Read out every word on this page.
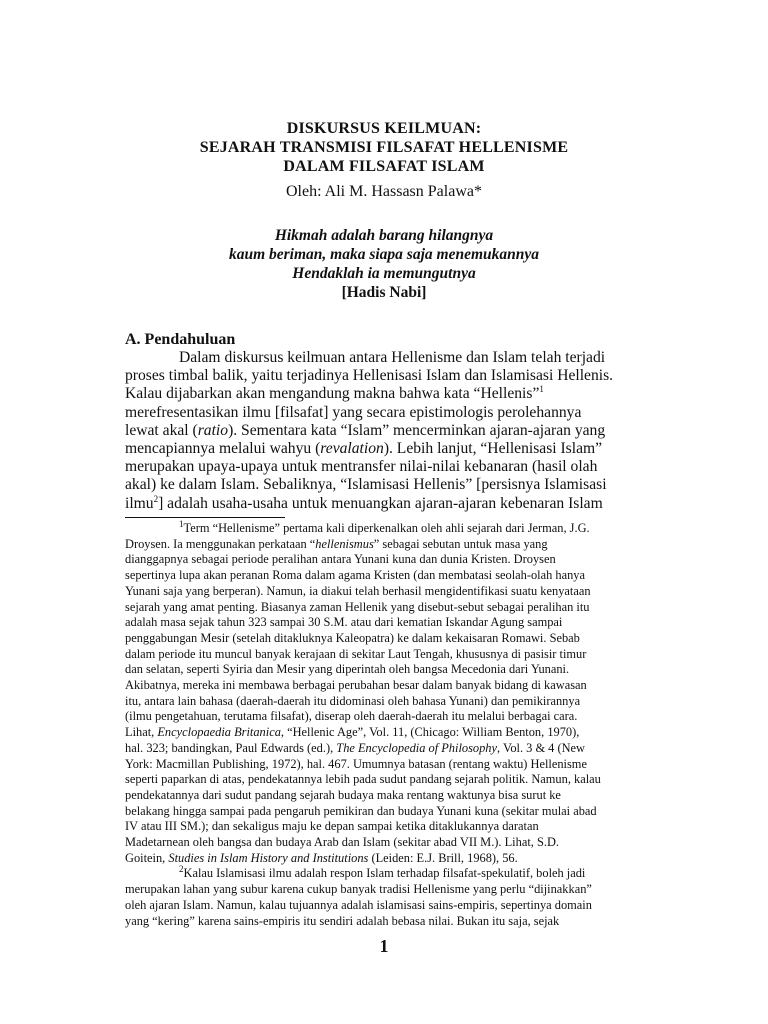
DISKURSUS KEILMUAN:
SEJARAH TRANSMISI FILSAFAT HELLENISME
DALAM FILSAFAT ISLAM
Oleh: Ali M. Hassasn Palawa*
Hikmah adalah barang hilangnya
kaum beriman, maka siapa saja menemukannya
Hendaklah ia memungutnya
[Hadis Nabi]

A. Pendahuluan

Dalam diskursus keilmuan antara Hellenisme dan Islam telah terjadi
proses timbal balik, yaitu terjadinya Hellenisasi Islam dan Islamisasi Hellenis.
Kalau dijabarkan akan mengandung makna bahwa kata “Hellenis”$^1$
merefresentasikan ilmu [filsafat] yang secara epistimologis perolehannya
lewat akal (ratio). Sementara kata “Islam” mencerminkan ajaran-ajaran yang
mencapiannya melalui wahyu (revalation). Lebih lanjut, “Hellenisasi Islam”
merupakan upaya-upaya untuk mentransfer nilai-nilai kebanaran (hasil olah
akal) ke dalam Islam. Sebaliknya, “Islamisasi Hellenis” [persisnya Islamisasi
ilmu$^2$] adalah usaha-usaha untuk menuangkan ajaran-ajaran kebenaran Islam
$^1$Term “Hellenisme” pertama kali diperkenalkan oleh ahli sejarah dari Jerman, J.G.
Droysen. Ia menggunakan perkataan “hellenismus” sebagai sebutan untuk masa yang
dianggapnya sebagai periode peralihan antara Yunani kuna dan dunia Kristen. Droysen
sepertinya lupa akan peranan Roma dalam agama Kristen (dan membatasi seolah-olah hanya
Yunani saja yang berperan). Namun, ia diakui telah berhasil mengidentifikasi suatu kenyataan
sejarah yang amat penting. Biasanya zaman Hellenik yang disebut-sebut sebagai peralihan itu
adalah masa sejak tahun 323 sampai 30 S.M. atau dari kematian Iskandar Agung sampai
penggabungan Mesir (setelah ditakluknya Kaleopatra) ke dalam kekaisaran Romawi. Sebab
dalam periode itu muncul banyak kerajaan di sekitar Laut Tengah, khususnya di pasisir timur
dan selatan, seperti Syiria dan Mesir yang diperintah oleh bangsa Mecedonia dari Yunani.
Akibatnya, mereka ini membawa berbagai perubahan besar dalam banyak bidang di kawasan
itu, antara lain bahasa (daerah-daerah itu didominasi oleh bahasa Yunani) dan pemikirannya
(ilmu pengetahuan, terutama filsafat), diserap oleh daerah-daerah itu melalui berbagai cara.
Lihat, Encyclopaedia Britanica, “Hellenic Age”, Vol. 11, (Chicago: William Benton, 1970),
hal. 323; bandingkan, Paul Edwards (ed.), The Encyclopedia of Philosophy, Vol. 3 & 4 (New
York: Macmillan Publishing, 1972), hal. 467. Umumnya batasan (rentang waktu) Hellenisme
seperti paparkan di atas, pendekatannya lebih pada sudut pandang sejarah politik. Namun, kalau
pendekatannya dari sudut pandang sejarah budaya maka rentang waktunya bisa surut ke
belakang hingga sampai pada pengaruh pemikiran dan budaya Yunani kuna (sekitar mulai abad
IV atau III SM.); dan sekaligus maju ke depan sampai ketika ditaklukannya daratan
Madetarnean oleh bangsa dan budaya Arab dan Islam (sekitar abad VII M.). Lihat, S.D.
Goitein, Studies in Islam History and Institutions (Leiden: E.J. Brill, 1968), 56.
$^2$Kalau Islamisasi ilmu adalah respon Islam terhadap filsafat-spekulatif, boleh jadi
merupakan lahan yang subur karena cukup banyak tradisi Hellenisme yang perlu “dijinakkan”
oleh ajaran Islam. Namun, kalau tujuannya adalah islamisasi sains-empiris, sepertinya domain
yang “kering” karena sains-empiris itu sendiri adalah bebasa nilai. Bukan itu saja, sejak
1
